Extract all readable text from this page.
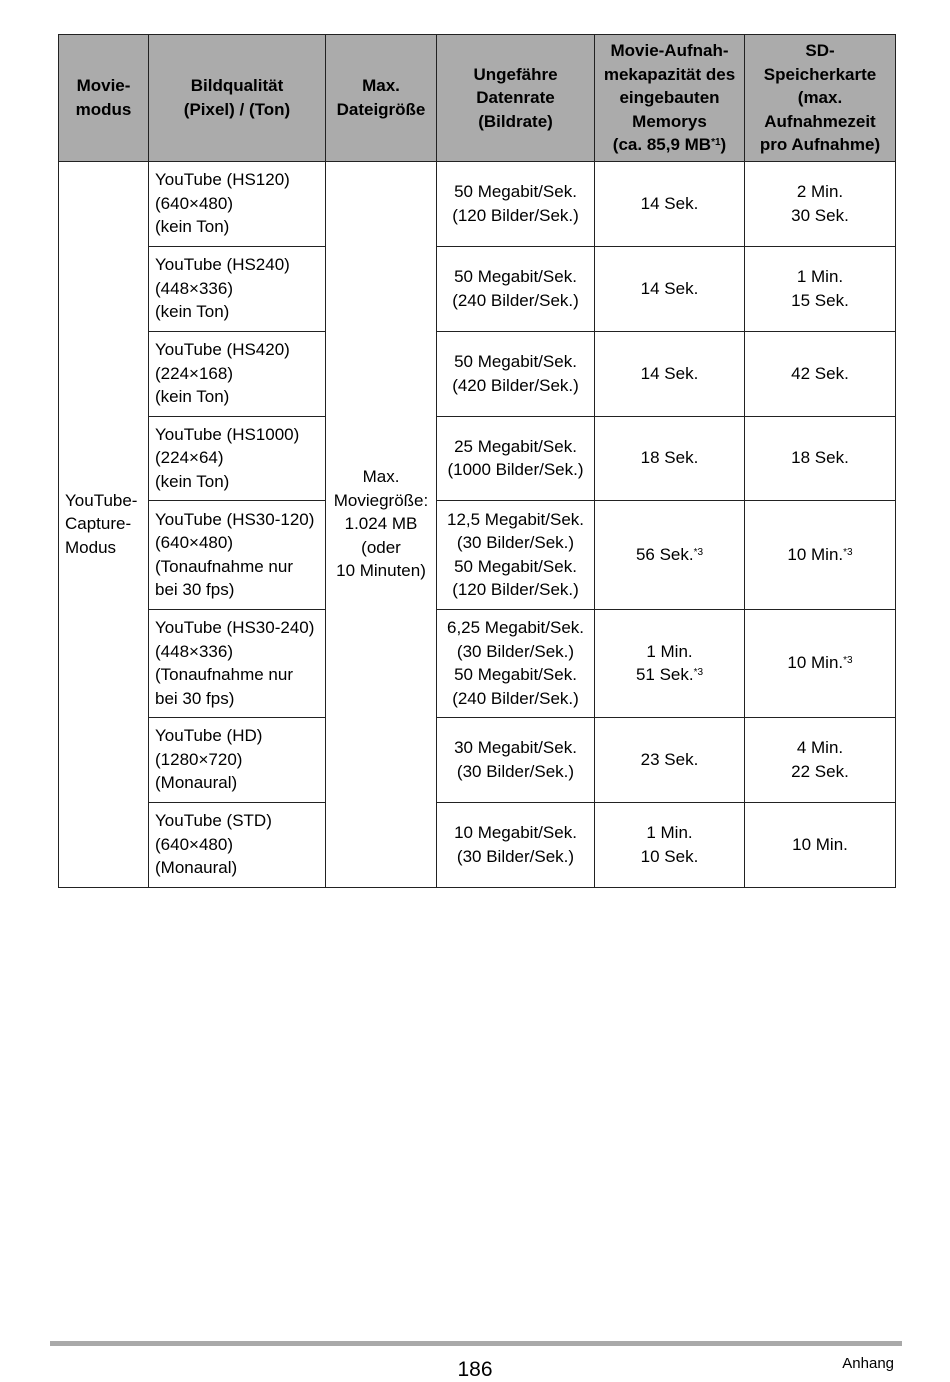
Movie-
modus	Bildqualität
(Pixel) / (Ton)	Max.
Dateigröße	Ungefähre
Datenrate
(Bildrate)	Movie-Aufnah-
mekapazität des
eingebauten
Memorys
(ca. 85,9 MB$^{*1}$)	SD-
Speicherkarte
(max.
Aufnahmezeit
pro Aufnahme)

YouTube-
Capture-
Modus	YouTube (HS120)
(640×480)
(kein Ton)	Max.
Moviegröße:
1.024 MB
(oder
10 Minuten)	50 Megabit/Sek.
(120 Bilder/Sek.)	14 Sek.	2 Min.
30 Sek.

	YouTube (HS240)
(448×336)
(kein Ton)		50 Megabit/Sek.
(240 Bilder/Sek.)	14 Sek.	1 Min.
15 Sek.

	YouTube (HS420)
(224×168)
(kein Ton)		50 Megabit/Sek.
(420 Bilder/Sek.)	14 Sek.	42 Sek.

	YouTube (HS1000)
(224×64)
(kein Ton)		25 Megabit/Sek.
(1000 Bilder/Sek.)	18 Sek.	18 Sek.

	YouTube (HS30-120)
(640×480)
(Tonaufnahme nur
bei 30 fps)		12,5 Megabit/Sek.
(30 Bilder/Sek.)
50 Megabit/Sek.
(120 Bilder/Sek.)	56 Sek.$^{*3}$	10 Min.$^{*3}$

	YouTube (HS30-240)
(448×336)
(Tonaufnahme nur
bei 30 fps)		6,25 Megabit/Sek.
(30 Bilder/Sek.)
50 Megabit/Sek.
(240 Bilder/Sek.)	1 Min.
51 Sek.$^{*3}$	10 Min.$^{*3}$

	YouTube (HD)
(1280×720)
(Monaural)		30 Megabit/Sek.
(30 Bilder/Sek.)	23 Sek.	4 Min.
22 Sek.

	YouTube (STD)
(640×480)
(Monaural)		10 Megabit/Sek.
(30 Bilder/Sek.)	1 Min.
10 Sek.	10 Min.
186	Anhang
